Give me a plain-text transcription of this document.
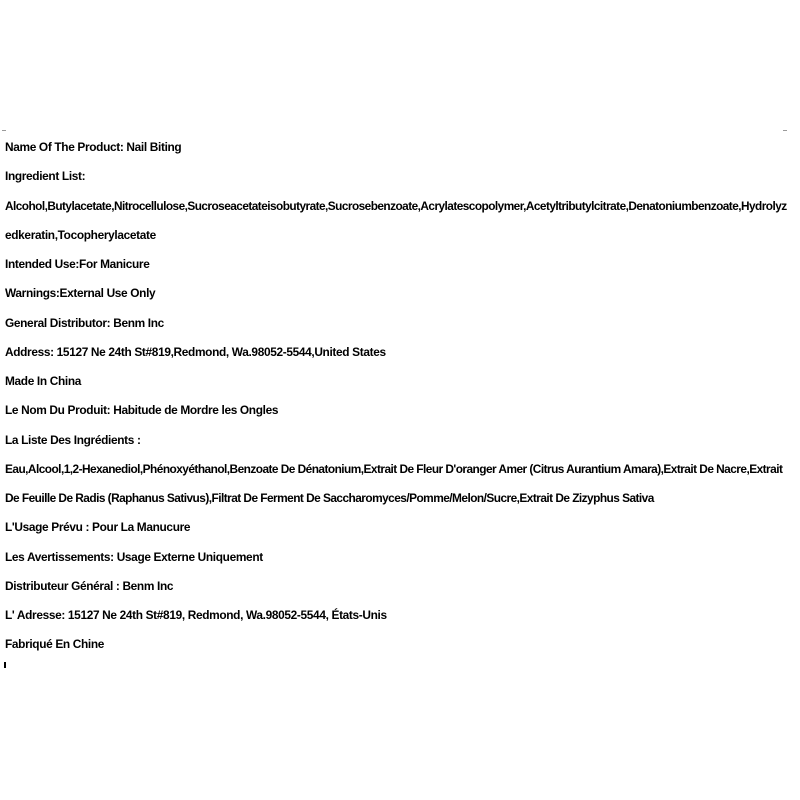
Name Of The Product: Nail Biting
Ingredient List:
Alcohol,Butylacetate,Nitrocellulose,Sucroseacetateisobutyrate,Sucrosebenzoate,Acrylatescopolymer,Acetyltributylcitrate,Denatoniumbenzoate,Hydrolyz
edkeratin,Tocopherylacetate
Intended Use:For Manicure
Warnings:External Use Only
General Distributor: Benm Inc
Address: 15127 Ne 24th St#819,Redmond, Wa.98052-5544,United States
Made In China
Le Nom Du Produit: Habitude de Mordre les Ongles
La Liste Des Ingrédients :
Eau,Alcool,1,2-Hexanediol,Phénoxyéthanol,Benzoate De Dénatonium,Extrait De Fleur D'oranger Amer (Citrus Aurantium Amara),Extrait De Nacre,Extrait
De Feuille De Radis (Raphanus Sativus),Filtrat De Ferment De Saccharomyces/Pomme/Melon/Sucre,Extrait De Zizyphus Sativa
L'Usage Prévu : Pour La Manucure
Les Avertissements: Usage Externe Uniquement
Distributeur Général : Benm Inc
L' Adresse: 15127 Ne 24th St#819, Redmond, Wa.98052-5544, États-Unis
Fabriqué En Chine
